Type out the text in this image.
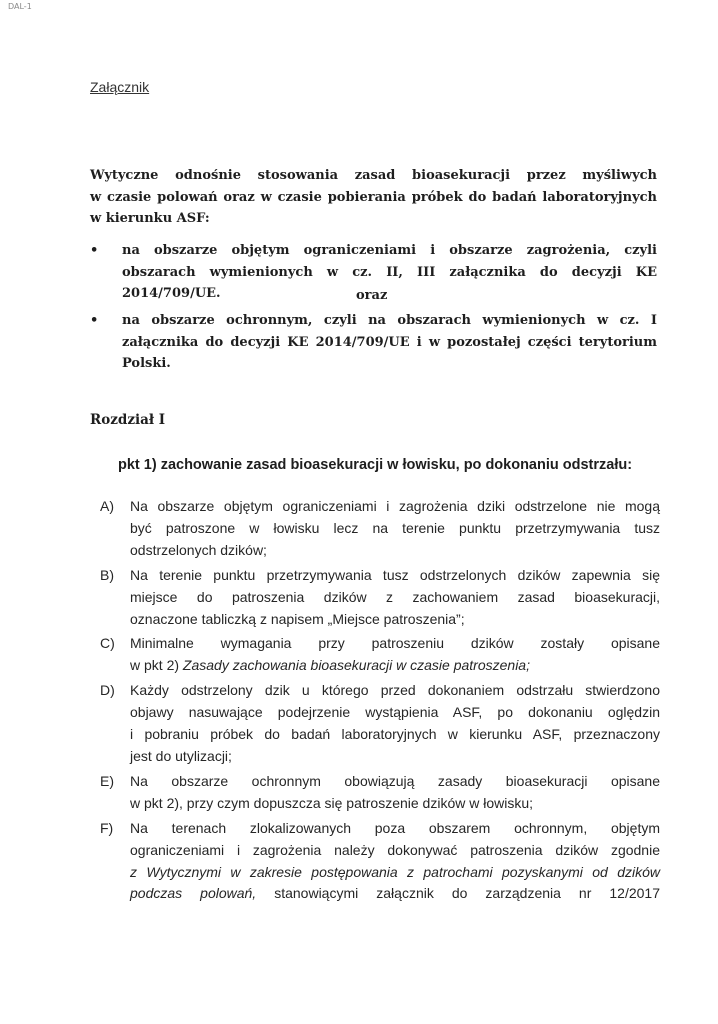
DAL-1
Załącznik
Wytyczne odnośnie stosowania zasad bioasekuracji przez myśliwych
w czasie polowań oraz w czasie pobierania próbek do badań laboratoryjnych
w kierunku ASF:
• na obszarze objętym ograniczeniami i obszarze zagrożenia, czyli obszarach wymienionych w cz. II, III załącznika do decyzji KE 2014/709/UE.	oraz
• na obszarze ochronnym, czyli na obszarach wymienionych w cz. I załącznika do decyzji KE 2014/709/UE i w pozostałej części terytorium Polski.
Rozdział I
pkt 1) zachowanie zasad bioasekuracji w łowisku, po dokonaniu odstrzału:
A) Na obszarze objętym ograniczeniami i zagrożenia dziki odstrzelone nie mogą
być patroszone w łowisku lecz na terenie punktu przetrzymywania tusz
odstrzelonych dzików;
B) Na terenie punktu przetrzymywania tusz odstrzelonych dzików zapewnia się
miejsce do patroszenia dzików z zachowaniem zasad bioasekuracji,
oznaczone tabliczką z napisem „Miejsce patroszenia”;
C) Minimalne wymagania przy patroszeniu dzików zostały opisane
w pkt 2) Zasady zachowania bioasekuracji w czasie patroszenia;
D) Każdy odstrzelony dzik u którego przed dokonaniem odstrzału stwierdzono
objawy nasuwające podejrzenie wystąpienia ASF, po dokonaniu oględzin
i pobraniu próbek do badań laboratoryjnych w kierunku ASF, przeznaczony
jest do utylizacji;
E) Na obszarze ochronnym obowiązują zasady bioasekuracji opisane
w pkt 2), przy czym dopuszcza się patroszenie dzików w łowisku;
F) Na terenach zlokalizowanych poza obszarem ochronnym, objętym
ograniczeniami i zagrożenia należy dokonywać patroszenia dzików zgodnie
z Wytycznymi w zakresie postępowania z patrochami pozyskanymi od dzików
podczas polowań, stanowiącymi załącznik do zarządzenia nr 12/2017
